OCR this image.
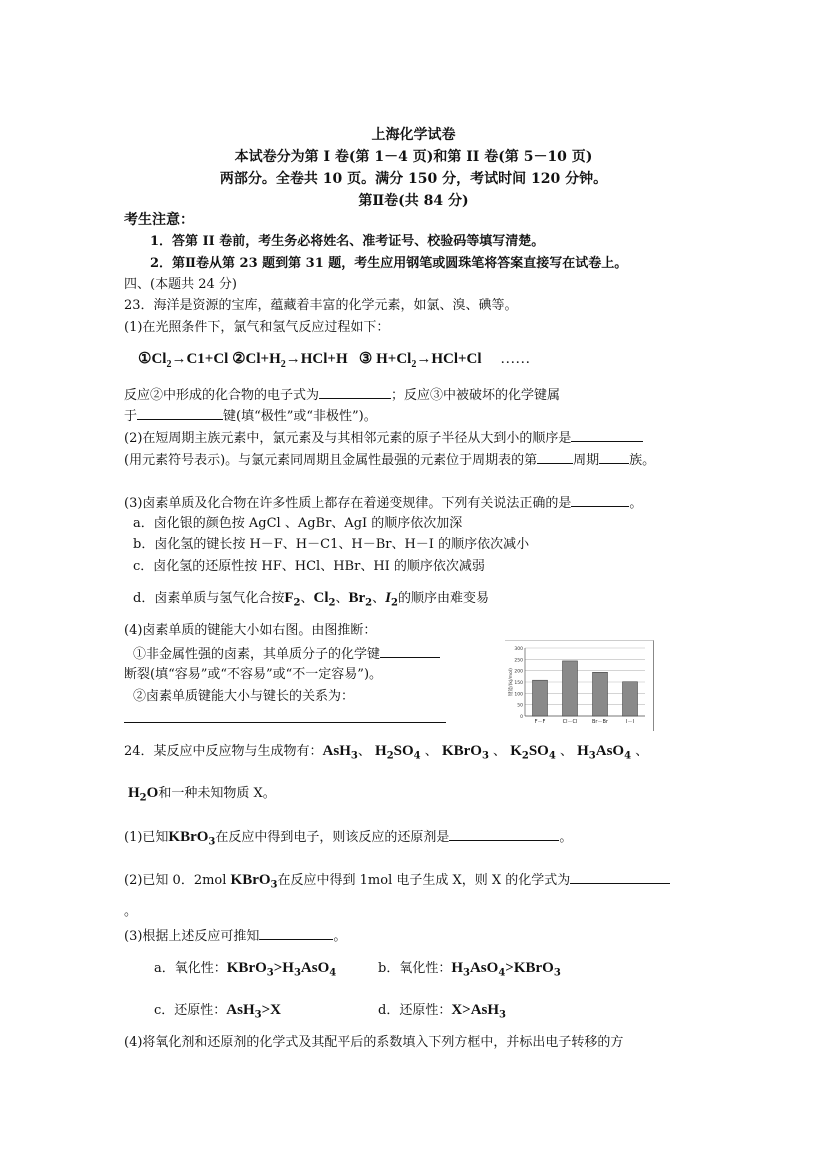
上海化学试卷
本试卷分为第 I 卷(第 1－4 页)和第 II 卷(第 5－10 页)
两部分。全卷共 10 页。满分 150 分，考试时间 120 分钟。
第Ⅱ卷(共 84 分)
考生注意：
1．答第 II 卷前，考生务必将姓名、准考证号、校验码等填写清楚。
2．第Ⅱ卷从第 23 题到第 31 题，考生应用钢笔或圆珠笔将答案直接写在试卷上。
四、(本题共 24 分)
23．海洋是资源的宝库，蕴藏着丰富的化学元素，如氯、溴、碘等。
(1)在光照条件下，氯气和氢气反应过程如下：
$①Cl_2\to C1+Cl$ $②Cl+H_2\to HCl+H$ ③ $H+Cl_2\to HCl+Cl$ ……
反应②中形成的化合物的电子式为	；反应③中被破坏的化学键属
于	键(填“极性”或“非极性”)。
(2)在短周期主族元素中，氯元素及与其相邻元素的原子半径从大到小的顺序是
(用元素符号表示)。与氯元素同周期且金属性最强的元素位于周期表的第	周期 族。
(3)卤素单质及化合物在许多性质上都存在着递变规律。下列有关说法正确的是	。
a．卤化银的颜色按 AgCl 、AgBr、AgI 的顺序依次加深
b．卤化氢的键长按 H－F、H－C1、H－Br、H－I 的顺序依次减小
c．卤化氢的还原性按 HF、HCl、HBr、HI 的顺序依次减弱
d．卤素单质与氢气化合按$F_2$、$Cl_2$、$Br_2$、$I_2$的顺序由难变易
(4)卤素单质的键能大小如右图。由图推断：
①非金属性强的卤素，其单质分子的化学键
断裂(填“容易”或“不容易”或“不一定容易”)。
②卤素单质键能大小与键长的关系为：
0
50
100
150
200
250
300
键能/(kJ/mol)
F－F	Cl－Cl	Br－Br	I－I
24．某反应中反应物与生成物有：AsH$_3$、 $H_2SO_4$ 、 KBrO$_3$ 、 $K_2SO_4$ 、 $H_3AsO_4$ 、
$H_2O$和一种未知物质 X。
(1)已知KBrO$_3$在反应中得到电子，则该反应的还原剂是	。
(2)已知 0．2mol KBrO$_3$在反应中得到 1mol 电子生成 X，则 X 的化学式为
。
(3)根据上述反应可推知	。
a．氧化性：$KBrO_3>H_3AsO_4$	b．氧化性：$H_3AsO_4>KBrO_3$
c．还原性：AsH$_3$>X	d．还原性：X>AsH$_3$
(4)将氧化剂和还原剂的化学式及其配平后的系数填入下列方框中，并标出电子转移的方
